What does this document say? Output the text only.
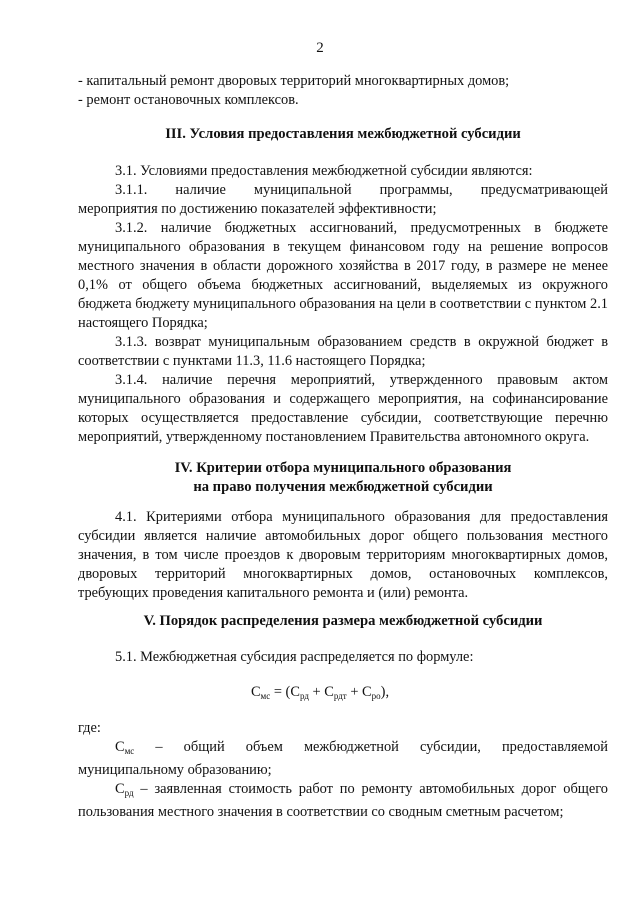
2
- капитальный ремонт дворовых территорий многоквартирных домов;
- ремонт остановочных комплексов.
III. Условия предоставления межбюджетной субсидии
3.1. Условиями предоставления межбюджетной субсидии являются:
3.1.1. наличие муниципальной программы, предусматривающей
мероприятия по достижению показателей эффективности;
3.1.2. наличие бюджетных ассигнований, предусмотренных в бюджете муниципального образования в текущем финансовом году на решение вопросов местного значения в области дорожного хозяйства в 2017 году, в размере не менее 0,1% от общего объема бюджетных ассигнований, выделяемых из окружного бюджета бюджету муниципального образования на цели в соответствии с пунктом 2.1 настоящего Порядка;
3.1.3. возврат муниципальным образованием средств в окружной бюджет в соответствии с пунктами 11.3, 11.6 настоящего Порядка;
3.1.4. наличие перечня мероприятий, утвержденного правовым актом муниципального образования и содержащего мероприятия, на софинансирование которых осуществляется предоставление субсидии, соответствующие перечню мероприятий, утвержденному постановлением Правительства автономного округа.
IV. Критерии отбора муниципального образования
на право получения межбюджетной субсидии
4.1. Критериями отбора муниципального образования для предоставления субсидии является наличие автомобильных дорог общего пользования местного значения, в том числе проездов к дворовым территориям многоквартирных домов, дворовых территорий многоквартирных домов, остановочных комплексов, требующих проведения капитального ремонта и (или) ремонта.
V. Порядок распределения размера межбюджетной субсидии
5.1. Межбюджетная субсидия распределяется по формуле:
$С_{мс} = (С_{рд} + С_{рдт} + С_{ро})$,
где:
$С_{мс}$ – общий объем межбюджетной субсидии, предоставляемой
муниципальному образованию;
$С_{рд}$ – заявленная стоимость работ по ремонту автомобильных дорог общего пользования местного значения в соответствии со сводным сметным расчетом;
